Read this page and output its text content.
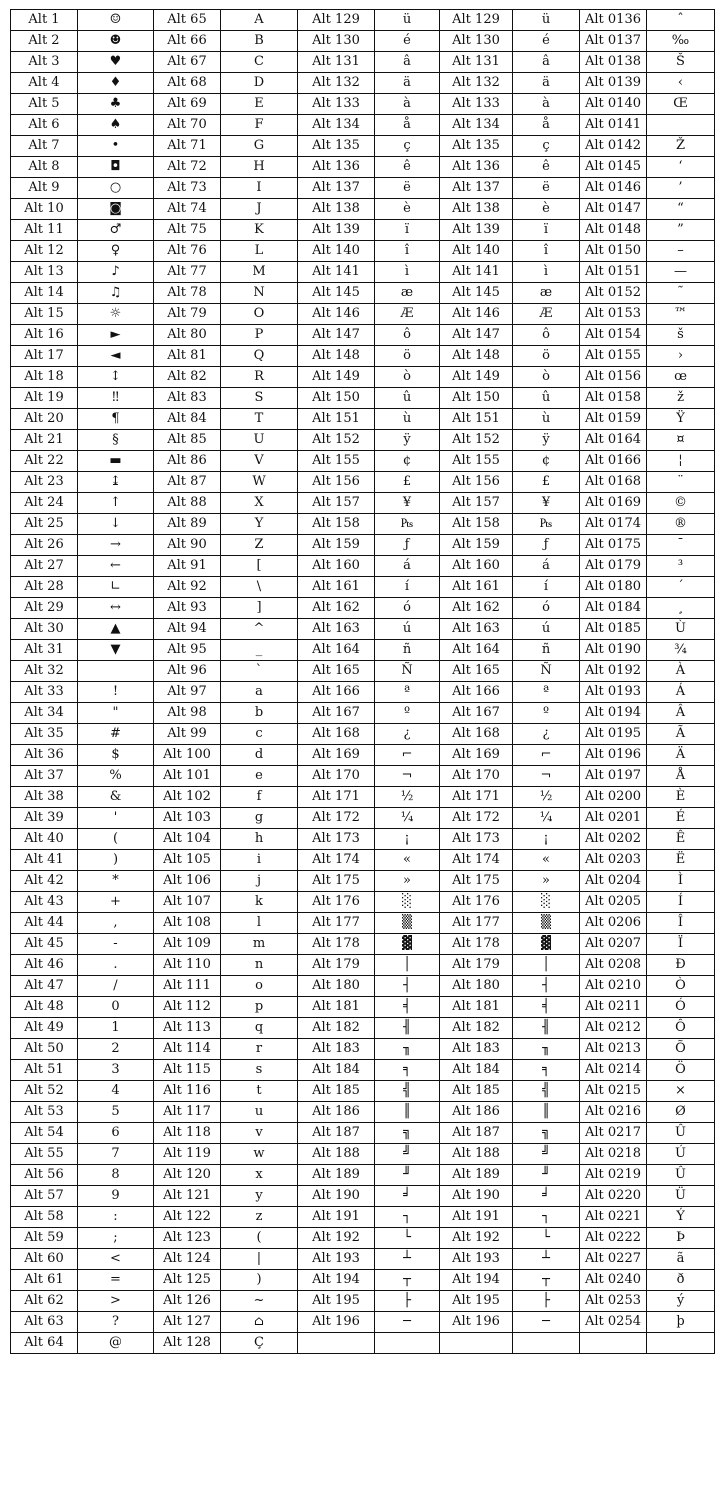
Alt 1	☺	Alt 65	A	Alt 129	ü	Alt 129	ü	Alt 0136	ˆ
Alt 2	☻	Alt 66	B	Alt 130	é	Alt 130	é	Alt 0137	‰
Alt 3	♥	Alt 67	C	Alt 131	â	Alt 131	â	Alt 0138	Š
Alt 4	♦	Alt 68	D	Alt 132	ä	Alt 132	ä	Alt 0139	‹
Alt 5	♣	Alt 69	E	Alt 133	à	Alt 133	à	Alt 0140	Œ
Alt 6	♠	Alt 70	F	Alt 134	å	Alt 134	å	Alt 0141	
Alt 7	•	Alt 71	G	Alt 135	ç	Alt 135	ç	Alt 0142	Ž
Alt 8	◘	Alt 72	H	Alt 136	ê	Alt 136	ê	Alt 0145	‘
Alt 9	○	Alt 73	I	Alt 137	ë	Alt 137	ë	Alt 0146	’
Alt 10	◙	Alt 74	J	Alt 138	è	Alt 138	è	Alt 0147	“
Alt 11	♂	Alt 75	K	Alt 139	ï	Alt 139	ï	Alt 0148	”
Alt 12	♀	Alt 76	L	Alt 140	î	Alt 140	î	Alt 0150	–
Alt 13	♪	Alt 77	M	Alt 141	ì	Alt 141	ì	Alt 0151	—
Alt 14	♫	Alt 78	N	Alt 145	æ	Alt 145	æ	Alt 0152	˜
Alt 15	☼	Alt 79	O	Alt 146	Æ	Alt 146	Æ	Alt 0153	™
Alt 16	►	Alt 80	P	Alt 147	ô	Alt 147	ô	Alt 0154	š
Alt 17	◄	Alt 81	Q	Alt 148	ö	Alt 148	ö	Alt 0155	›
Alt 18	↕	Alt 82	R	Alt 149	ò	Alt 149	ò	Alt 0156	œ
Alt 19	‼	Alt 83	S	Alt 150	û	Alt 150	û	Alt 0158	ž
Alt 20	¶	Alt 84	T	Alt 151	ù	Alt 151	ù	Alt 0159	Ÿ
Alt 21	§	Alt 85	U	Alt 152	ÿ	Alt 152	ÿ	Alt 0164	¤
Alt 22	▬	Alt 86	V	Alt 155	¢	Alt 155	¢	Alt 0166	¦
Alt 23	↨	Alt 87	W	Alt 156	£	Alt 156	£	Alt 0168	¨
Alt 24	↑	Alt 88	X	Alt 157	¥	Alt 157	¥	Alt 0169	©
Alt 25	↓	Alt 89	Y	Alt 158	₧	Alt 158	₧	Alt 0174	®
Alt 26	→	Alt 90	Z	Alt 159	ƒ	Alt 159	ƒ	Alt 0175	¯
Alt 27	←	Alt 91	[	Alt 160	á	Alt 160	á	Alt 0179	³
Alt 28	∟	Alt 92	\	Alt 161	í	Alt 161	í	Alt 0180	´
Alt 29	↔	Alt 93	]	Alt 162	ó	Alt 162	ó	Alt 0184	¸
Alt 30	▲	Alt 94	^	Alt 163	ú	Alt 163	ú	Alt 0185	Ù
Alt 31	▼	Alt 95	_	Alt 164	ñ	Alt 164	ñ	Alt 0190	¾
Alt 32		Alt 96	`	Alt 165	Ñ	Alt 165	Ñ	Alt 0192	À
Alt 33	!	Alt 97	a	Alt 166	ª	Alt 166	ª	Alt 0193	Á
Alt 34	"	Alt 98	b	Alt 167	º	Alt 167	º	Alt 0194	Â
Alt 35	#	Alt 99	c	Alt 168	¿	Alt 168	¿	Alt 0195	Ã
Alt 36	$	Alt 100	d	Alt 169	⌐	Alt 169	⌐	Alt 0196	Ä
Alt 37	%	Alt 101	e	Alt 170	¬	Alt 170	¬	Alt 0197	Å
Alt 38	&	Alt 102	f	Alt 171	½	Alt 171	½	Alt 0200	È
Alt 39	'	Alt 103	g	Alt 172	¼	Alt 172	¼	Alt 0201	É
Alt 40	(	Alt 104	h	Alt 173	¡	Alt 173	¡	Alt 0202	Ê
Alt 41	)	Alt 105	i	Alt 174	«	Alt 174	«	Alt 0203	Ë
Alt 42	*	Alt 106	j	Alt 175	»	Alt 175	»	Alt 0204	Ì
Alt 43	+	Alt 107	k	Alt 176	░	Alt 176	░	Alt 0205	Í
Alt 44	,	Alt 108	l	Alt 177	▒	Alt 177	▒	Alt 0206	Î
Alt 45	-	Alt 109	m	Alt 178	▓	Alt 178	▓	Alt 0207	Ï
Alt 46	.	Alt 110	n	Alt 179	│	Alt 179	│	Alt 0208	Ð
Alt 47	/	Alt 111	o	Alt 180	┤	Alt 180	┤	Alt 0210	Ò
Alt 48	0	Alt 112	p	Alt 181	╡	Alt 181	╡	Alt 0211	Ó
Alt 49	1	Alt 113	q	Alt 182	╢	Alt 182	╢	Alt 0212	Ô
Alt 50	2	Alt 114	r	Alt 183	╖	Alt 183	╖	Alt 0213	Õ
Alt 51	3	Alt 115	s	Alt 184	╕	Alt 184	╕	Alt 0214	Ö
Alt 52	4	Alt 116	t	Alt 185	╣	Alt 185	╣	Alt 0215	×
Alt 53	5	Alt 117	u	Alt 186	║	Alt 186	║	Alt 0216	Ø
Alt 54	6	Alt 118	v	Alt 187	╗	Alt 187	╗	Alt 0217	Û
Alt 55	7	Alt 119	w	Alt 188	╝	Alt 188	╝	Alt 0218	Ú
Alt 56	8	Alt 120	x	Alt 189	╜	Alt 189	╜	Alt 0219	Û
Alt 57	9	Alt 121	y	Alt 190	╛	Alt 190	╛	Alt 0220	Ü
Alt 58	:	Alt 122	z	Alt 191	┐	Alt 191	┐	Alt 0221	Ý
Alt 59	;	Alt 123	(	Alt 192	└	Alt 192	└	Alt 0222	Þ
Alt 60	<	Alt 124	|	Alt 193	┴	Alt 193	┴	Alt 0227	ã
Alt 61	=	Alt 125	)	Alt 194	┬	Alt 194	┬	Alt 0240	ð
Alt 62	>	Alt 126	~	Alt 195	├	Alt 195	├	Alt 0253	ý
Alt 63	?	Alt 127	⌂	Alt 196	─	Alt 196	─	Alt 0254	þ
Alt 64	@	Alt 128	Ç						
